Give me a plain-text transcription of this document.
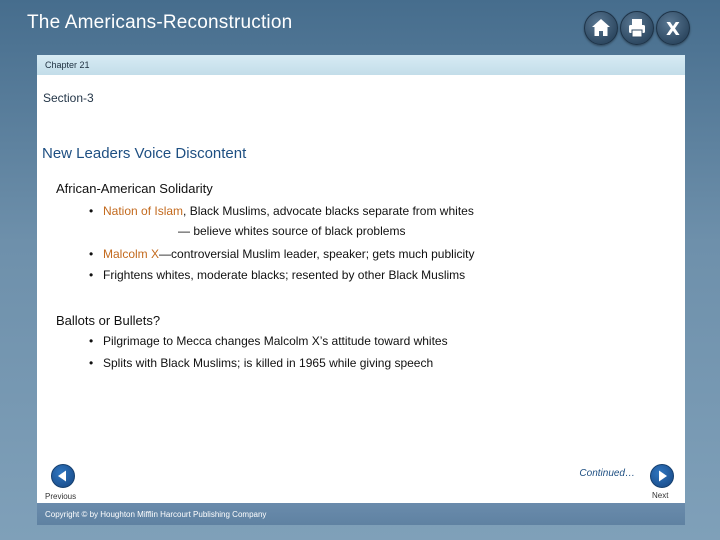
The Americans-Reconstruction	X
Chapter 21
Section-3
New Leaders Voice Discontent
African-American Solidarity
• Nation of Islam, Black Muslims, advocate blacks separate from whites
— believe whites source of black problems
• Malcolm X—controversial Muslim leader, speaker; gets much publicity
• Frightens whites, moderate blacks; resented by other Black Muslims
Ballots or Bullets?
• Pilgrimage to Mecca changes Malcolm X’s attitude toward whites
• Splits with Black Muslims; is killed in 1965 while giving speech
Continued…
Previous	Next
Copyright © by Houghton Mifflin Harcourt Publishing Company
